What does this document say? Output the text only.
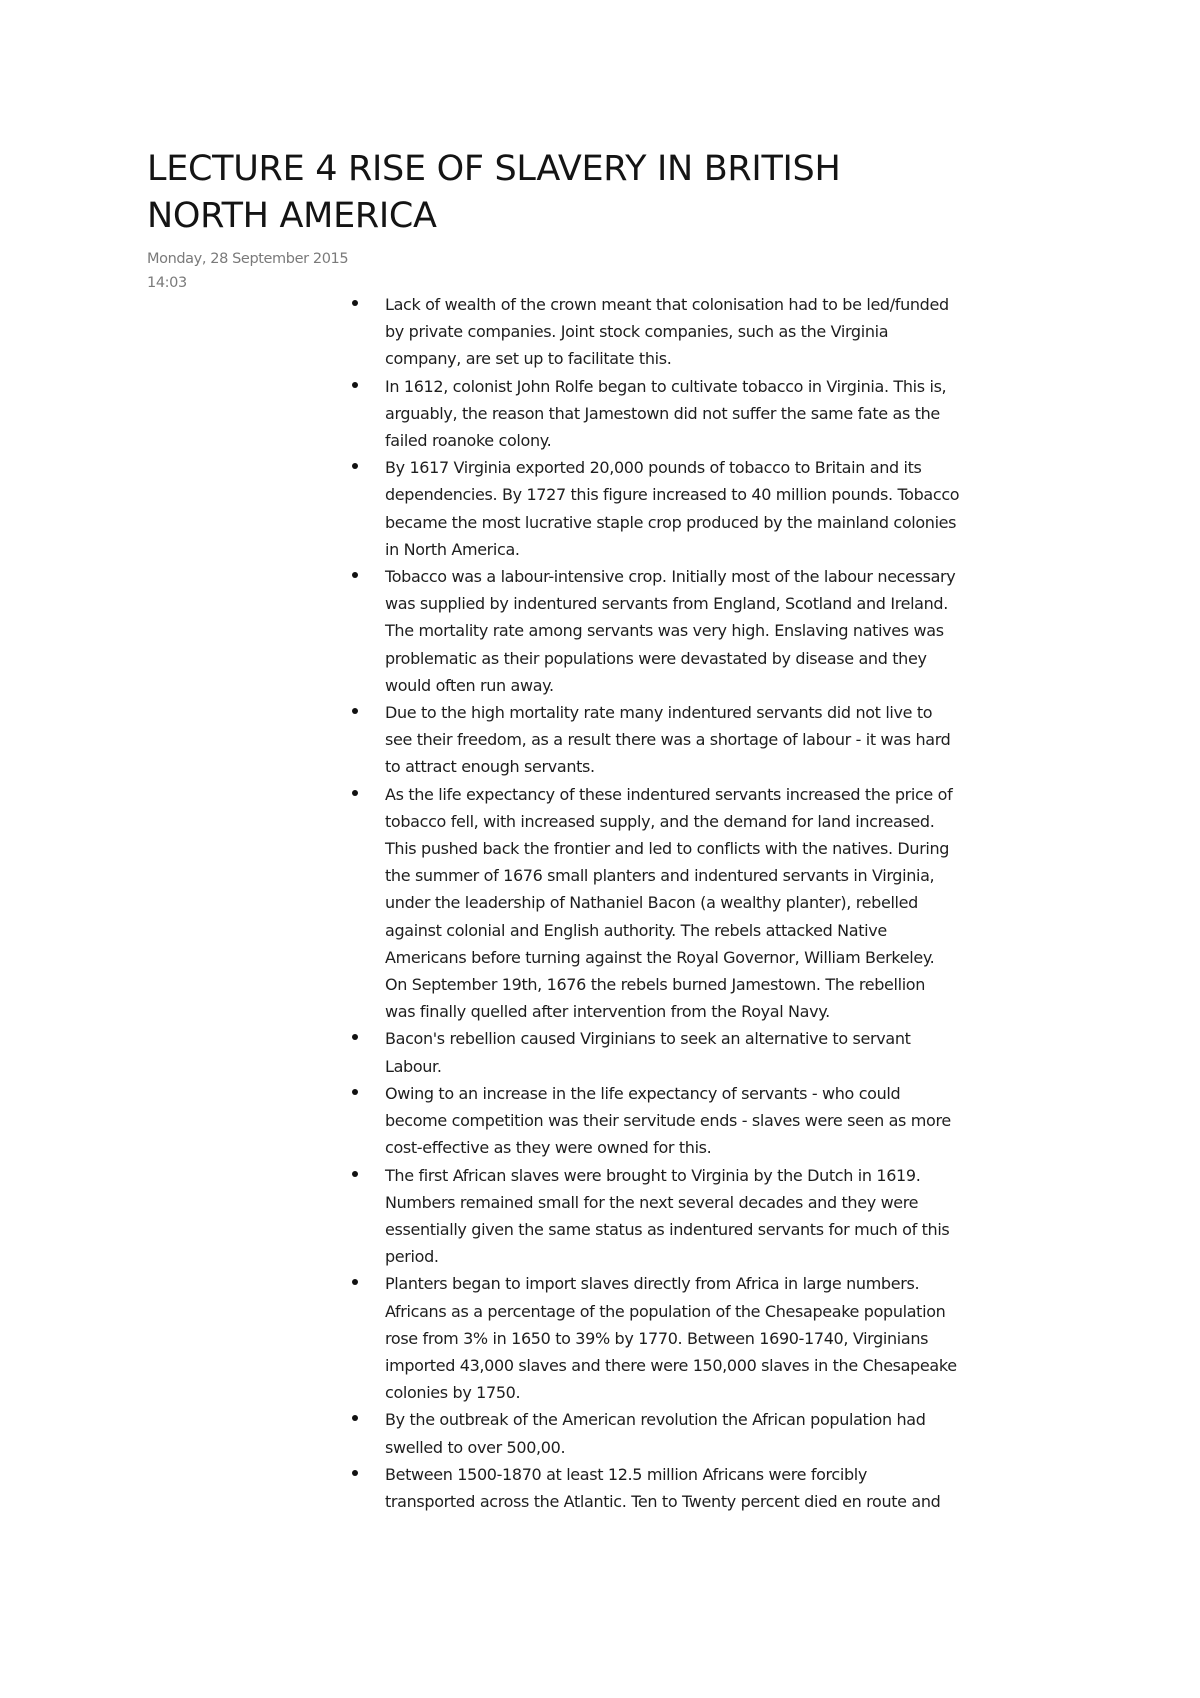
LECTURE 4 RISE OF SLAVERY IN BRITISH
NORTH AMERICA
Monday, 28 September 2015
14:03
Lack of wealth of the crown meant that colonisation had to be led/funded
by private companies. Joint stock companies, such as the Virginia
company, are set up to facilitate this.
In 1612, colonist John Rolfe began to cultivate tobacco in Virginia. This is,
arguably, the reason that Jamestown did not suffer the same fate as the
failed roanoke colony.
By 1617 Virginia exported 20,000 pounds of tobacco to Britain and its
dependencies. By 1727 this figure increased to 40 million pounds. Tobacco
became the most lucrative staple crop produced by the mainland colonies
in North America.
Tobacco was a labour-intensive crop. Initially most of the labour necessary
was supplied by indentured servants from England, Scotland and Ireland.
The mortality rate among servants was very high. Enslaving natives was
problematic as their populations were devastated by disease and they
would often run away.
Due to the high mortality rate many indentured servants did not live to
see their freedom, as a result there was a shortage of labour - it was hard
to attract enough servants.
As the life expectancy of these indentured servants increased the price of
tobacco fell, with increased supply, and the demand for land increased.
This pushed back the frontier and led to conflicts with the natives. During
the summer of 1676 small planters and indentured servants in Virginia,
under the leadership of Nathaniel Bacon (a wealthy planter), rebelled
against colonial and English authority. The rebels attacked Native
Americans before turning against the Royal Governor, William Berkeley.
On September 19th, 1676 the rebels burned Jamestown. The rebellion
was finally quelled after intervention from the Royal Navy.
Bacon's rebellion caused Virginians to seek an alternative to servant
Labour.
Owing to an increase in the life expectancy of servants - who could
become competition was their servitude ends - slaves were seen as more
cost-effective as they were owned for this.
The first African slaves were brought to Virginia by the Dutch in 1619.
Numbers remained small for the next several decades and they were
essentially given the same status as indentured servants for much of this
period.
Planters began to import slaves directly from Africa in large numbers.
Africans as a percentage of the population of the Chesapeake population
rose from 3% in 1650 to 39% by 1770. Between 1690-1740, Virginians
imported 43,000 slaves and there were 150,000 slaves in the Chesapeake
colonies by 1750.
By the outbreak of the American revolution the African population had
swelled to over 500,00.
Between 1500-1870 at least 12.5 million Africans were forcibly
transported across the Atlantic. Ten to Twenty percent died en route and
